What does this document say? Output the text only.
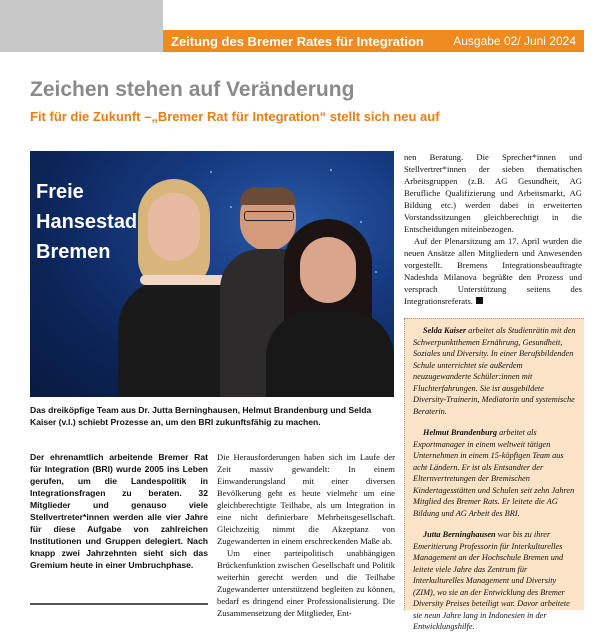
Zeitung des Bremer Rates für Integration Ausgabe 02/ Juni 2024
Zeichen stehen auf Veränderung
Fit für die Zukunft –„Bremer Rat für Integration“ stellt sich neu auf
Freie
Hansestad
Bremen

Das dreiköpfige Team aus Dr. Jutta Berninghausen, Helmut Brandenburg und Selda Kaiser (v.l.) schiebt Prozesse an, um den BRI zukunftsfähig zu machen.

Der ehrenamtlich arbeitende Bremer Rat für Integration (BRI) wurde 2005 ins Leben gerufen, um die Landespolitik in Integrationsfragen zu beraten. 32 Mitglieder und genauso viele Stellvertreter*innen werden alle vier Jahre für diese Aufgabe von zahlreichen Institutionen und Gruppen delegiert. Nach knapp zwei Jahrzehnten sieht sich das Gremium heute in einer Umbruchphase.

Die Herausforderungen haben sich im Laufe der Zeit massiv gewandelt: In einem Einwanderungsland mit einer diversen Bevölkerung geht es heute vielmehr um eine gleichberechtigte Teilhabe, als um Integration in eine nicht definierbare Mehrheitsgesellschaft. Gleichzeitig nimmt die Akzeptanz von Zugewanderten in einem erschreckenden Maße ab.

Um einer parteipolitisch unabhängigen Brückenfunktion zwischen Gesellschaft und Politik weiterhin gerecht werden und die Teilhabe Zugewanderter unterstützend begleiten zu können, bedarf es dringend einer Professionalisierung. Die Zusammensetzung der Mitglieder, Ent-

nen Beratung. Die Sprecher*innen und Stellvertrer*innen der sieben thematischen Arbeitsgruppen (z.B. AG Gesundheit, AG Berufliche Qualifizierung und Arbeitsmarkt, AG Bildung etc.) werden dabei in erweiterten Vorstandssitzungen gleichberechtigt in die Entscheidungen miteinbezogen.

Auf der Plenarsitzung am 17. April wurden die neuen Ansätze allen Mitgliedern und Anwesenden vorgestellt. Bremens Integrationsbeauftragte Nadeshda Milanova begrüßte den Prozess und versprach Unterstützung seitens des Integrationsreferats.

Selda Kaiser arbeitet als Studienrätin mit den Schwerpunktthemen Ernährung, Gesundheit, Soziales und Diversity. In einer Berufsbildenden Schule unterrichtet sie außerdem neuzugewanderte Schüler:innen mit Fluchterfahrungen. Sie ist ausgebildete Diversity-Trainerin, Mediatorin und systemische Beraterin.

Helmut Brandenburg arbeitet als Exportmanager in einem weltweit tätigen Unternehmen in einem 15-köpfigen Team aus acht Ländern. Er ist als Entsandter der Elternvertretungen der Bremischen Kindertagesstätten und Schulen seit zehn Jahren Mitglied des Bremer Rats. Er leitete die AG Bildung und AG Arbeit des BRI.

Jutta Berninghausen war bis zu ihrer Emeritierung Professorin für Interkulturelles Management an der Hochschule Bremen und leitete viele Jahre das Zentrum für Interkulturelles Management und Diversity (ZIM), wo sie an der Entwicklung des Bremer Diversity Preises beteiligt war. Davor arbeitete sie neun Jahre lang in Indonesien in der Entwicklungshilfe.
